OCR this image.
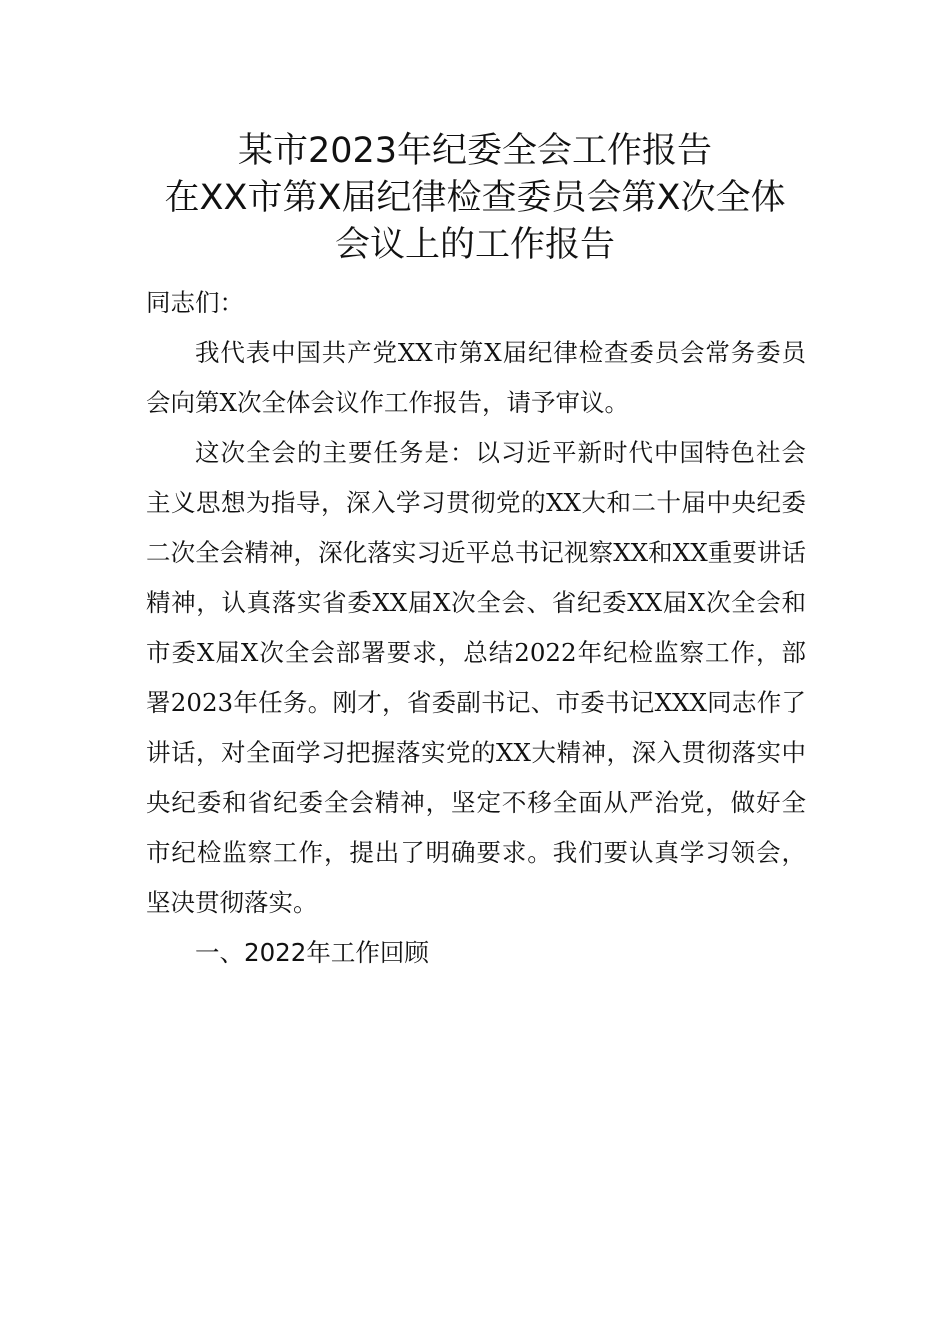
某市2023年纪委全会工作报告
在XX市第X届纪律检查委员会第X次全体
会议上的工作报告

同志们：

我代表中国共产党XX市第X届纪律检查委员会常务委员会向第X次全体会议作工作报告，请予审议。

这次全会的主要任务是：以习近平新时代中国特色社会主义思想为指导，深入学习贯彻党的XX大和二十届中央纪委二次全会精神，深化落实习近平总书记视察XX和XX重要讲话精神，认真落实省委XX届X次全会、省纪委XX届X次全会和市委X届X次全会部署要求，总结2022年纪检监察工作，部署2023年任务。刚才，省委副书记、市委书记XXX同志作了讲话，对全面学习把握落实党的XX大精神，深入贯彻落实中央纪委和省纪委全会精神，坚定不移全面从严治党，做好全市纪检监察工作，提出了明确要求。我们要认真学习领会，坚决贯彻落实。

一、2022年工作回顾
